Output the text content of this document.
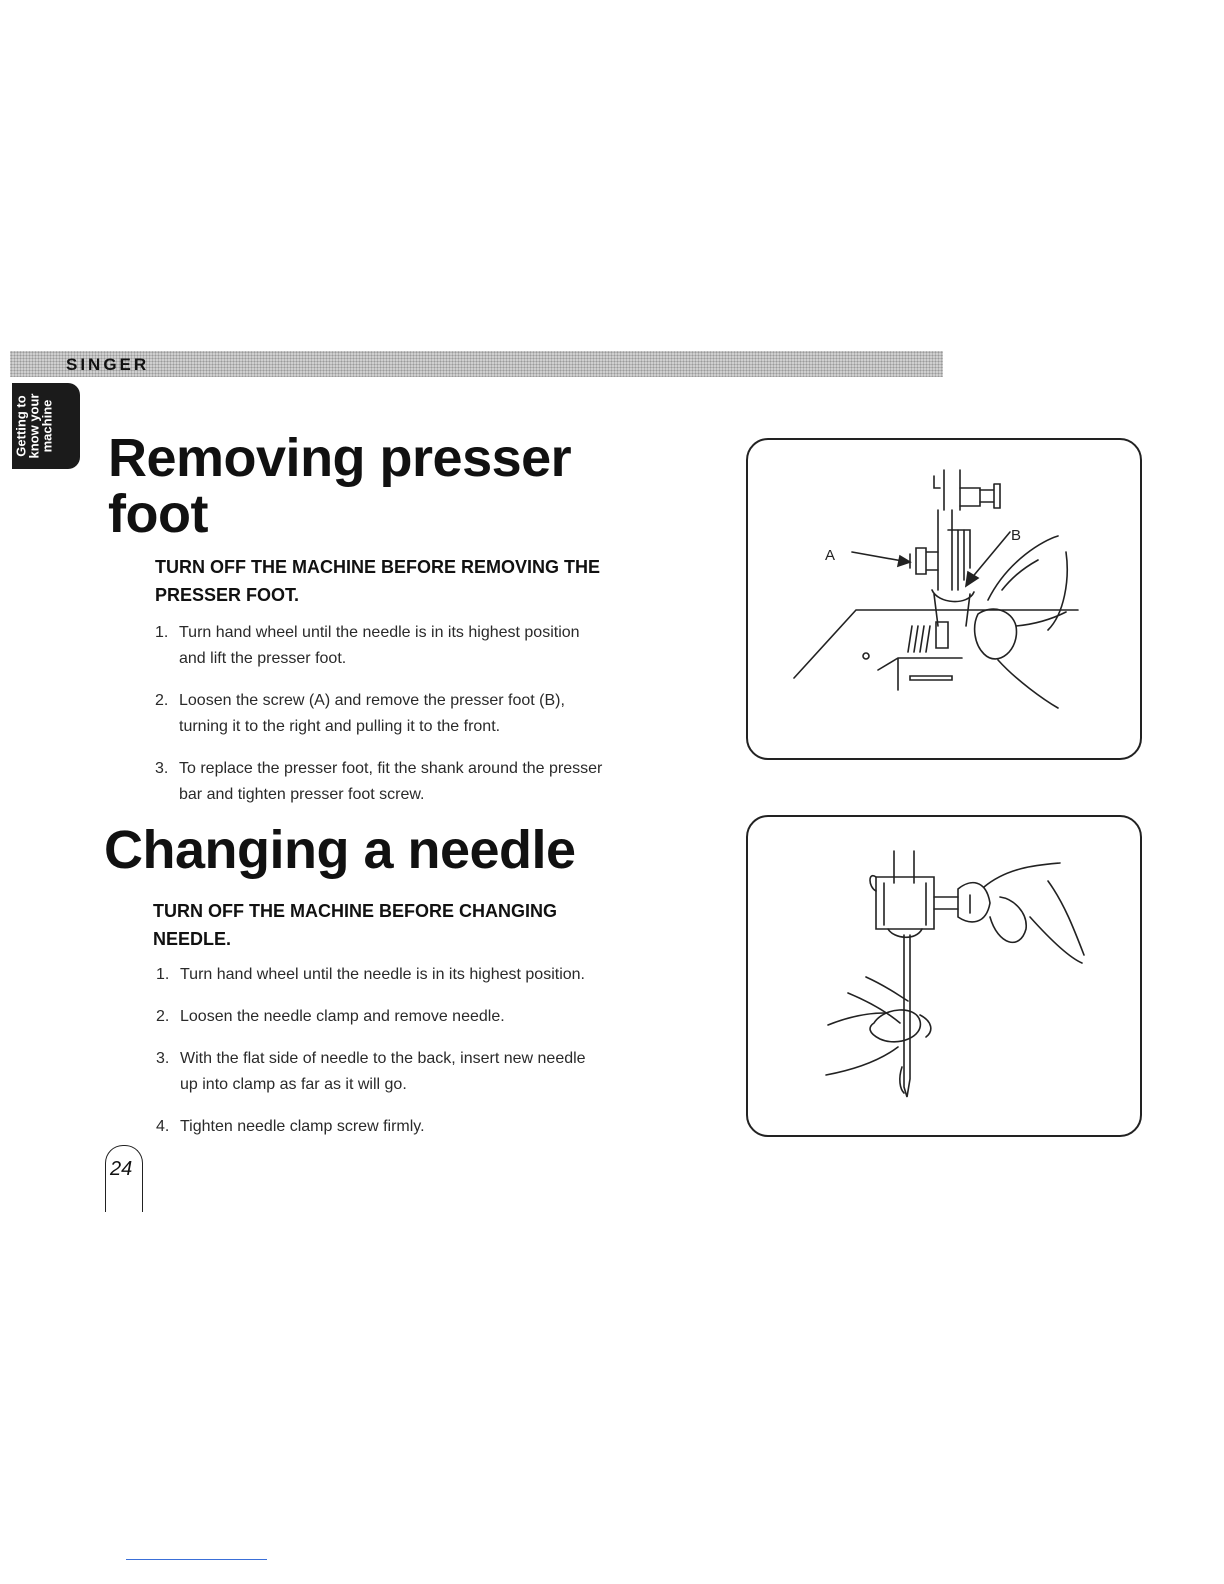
SINGER
Getting to
know your
machine
Removing presser foot

TURN OFF THE MACHINE BEFORE REMOVING THE PRESSER FOOT.

1. Turn hand wheel until the needle is in its highest position and lift the presser foot.
2. Loosen the screw (A) and remove the presser foot (B), turning it to the right and pulling it to the front.
3. To replace the presser foot, fit the shank around the presser bar and tighten presser foot screw.
A
B
Changing a needle

TURN OFF THE MACHINE BEFORE CHANGING NEEDLE.

1. Turn hand wheel until the needle is in its highest position.
2. Loosen the needle clamp and remove needle.
3. With the flat side of needle to the back, insert new needle up into clamp as far as it will go.
4. Tighten needle clamp screw firmly.
24
